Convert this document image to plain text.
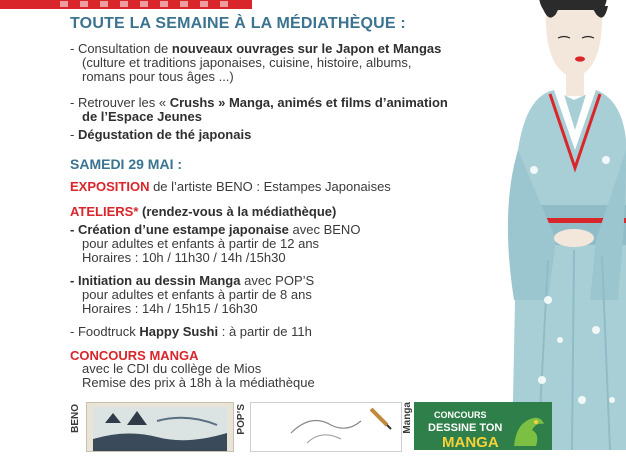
TOUTE LA SEMAINE À LA MÉDIATHÈQUE :
- Consultation de nouveaux ouvrages sur le Japon et Mangas
(culture et traditions japonaises, cuisine, histoire, albums,
romans pour tous âges ...)
- Retrouver les « Crushs » Manga, animés et films d’animation
de l’Espace Jeunes
- Dégustation de thé japonais
SAMEDI 29 MAI :
EXPOSITION de l’artiste BENO : Estampes Japonaises
ATELIERS* (rendez-vous à la médiathèque)
- Création d’une estampe japonaise avec BENO
pour adultes et enfants à partir de 12 ans
Horaires : 10h / 11h30 / 14h /15h30
- Initiation au dessin Manga avec POP’S
pour adultes et enfants à partir de 8 ans
Horaires : 14h / 15h15 / 16h30
- Foodtruck Happy Sushi : à partir de 11h
CONCOURS MANGA
avec le CDI du collège de Mios
Remise des prix à 18h à la médiathèque
BENO	POP’S	Manga CONCOURS
DESSINE TON
MANGA
